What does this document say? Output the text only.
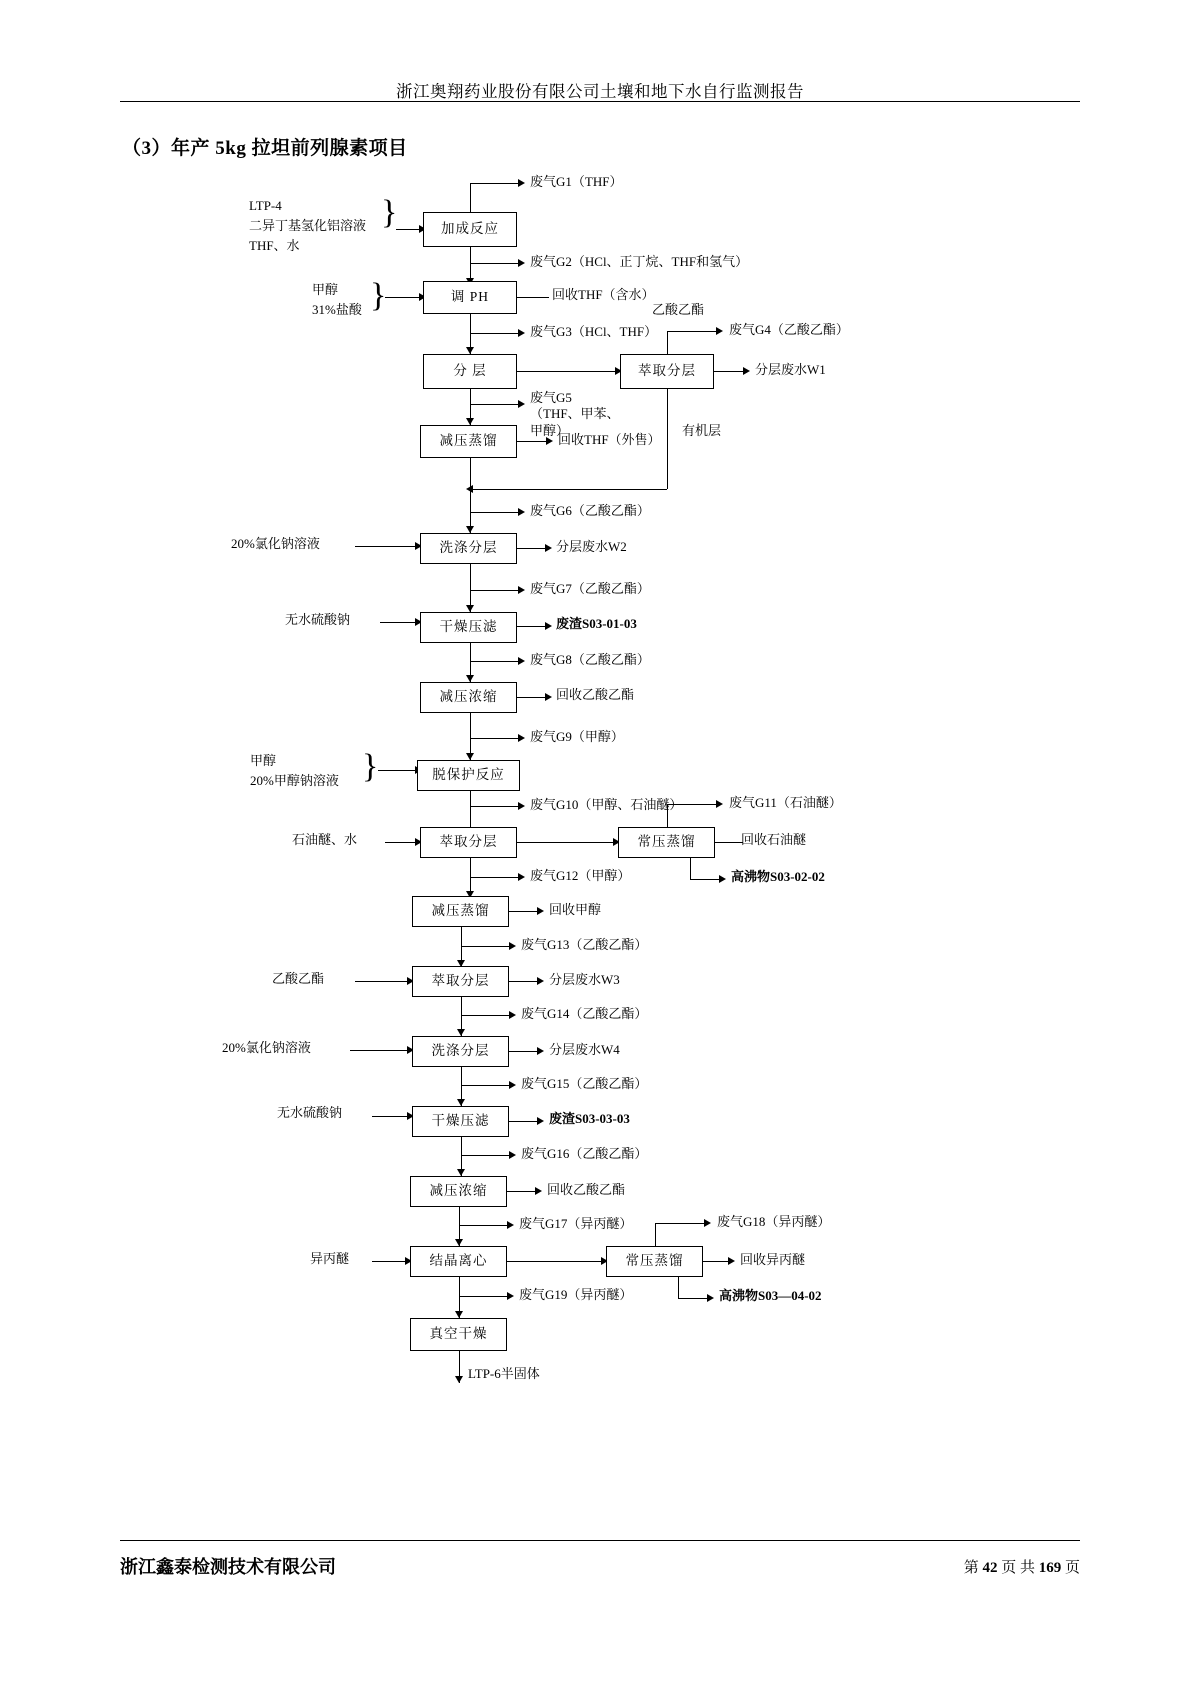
浙江奥翔药业股份有限公司土壤和地下水自行监测报告
（3）年产 5kg 拉坦前列腺素项目
LTP-4
二异丁基氢化铝溶液
THF、水
}	加成反应
废气G1（THF）
废气G2（HCl、正丁烷、THF和氢气）
甲醇
31%盐酸 }	调 PH	回收THF（含水）
乙酸乙酯
废气G3（HCl、THF）
分 层	萃取分层
废气G4（乙酸乙酯）
分层废水W1
废气G5（THF、甲苯、甲醇）
减压蒸馏	回收THF（外售）
有机层
废气G6（乙酸乙酯）
20%氯化钠溶液	洗涤分层	分层废水W2
废气G7（乙酸乙酯）
无水硫酸钠	干燥压滤	废渣S03-01-03
废气G8（乙酸乙酯）
减压浓缩	回收乙酸乙酯
废气G9（甲醇）
甲醇
20%甲醇钠溶液 }	脱保护反应
废气G10（甲醇、石油醚）
石油醚、水	萃取分层	常压蒸馏
废气G11（石油醚）
回收石油醚
高沸物S03-02-02
废气G12（甲醇）
减压蒸馏	回收甲醇
废气G13（乙酸乙酯）
乙酸乙酯	萃取分层	分层废水W3
废气G14（乙酸乙酯）
20%氯化钠溶液	洗涤分层	分层废水W4
废气G15（乙酸乙酯）
无水硫酸钠
干燥压滤	废渣S03-03-03
废气G16（乙酸乙酯）
减压浓缩	回收乙酸乙酯
废气G17（异丙醚）
异丙醚	结晶离心	常压蒸馏
废气G18（异丙醚）
回收异丙醚
高沸物S03—04-02
废气G19（异丙醚）
真空干燥
LTP-6半固体
浙江鑫泰检测技术有限公司	第 42 页 共 169 页
